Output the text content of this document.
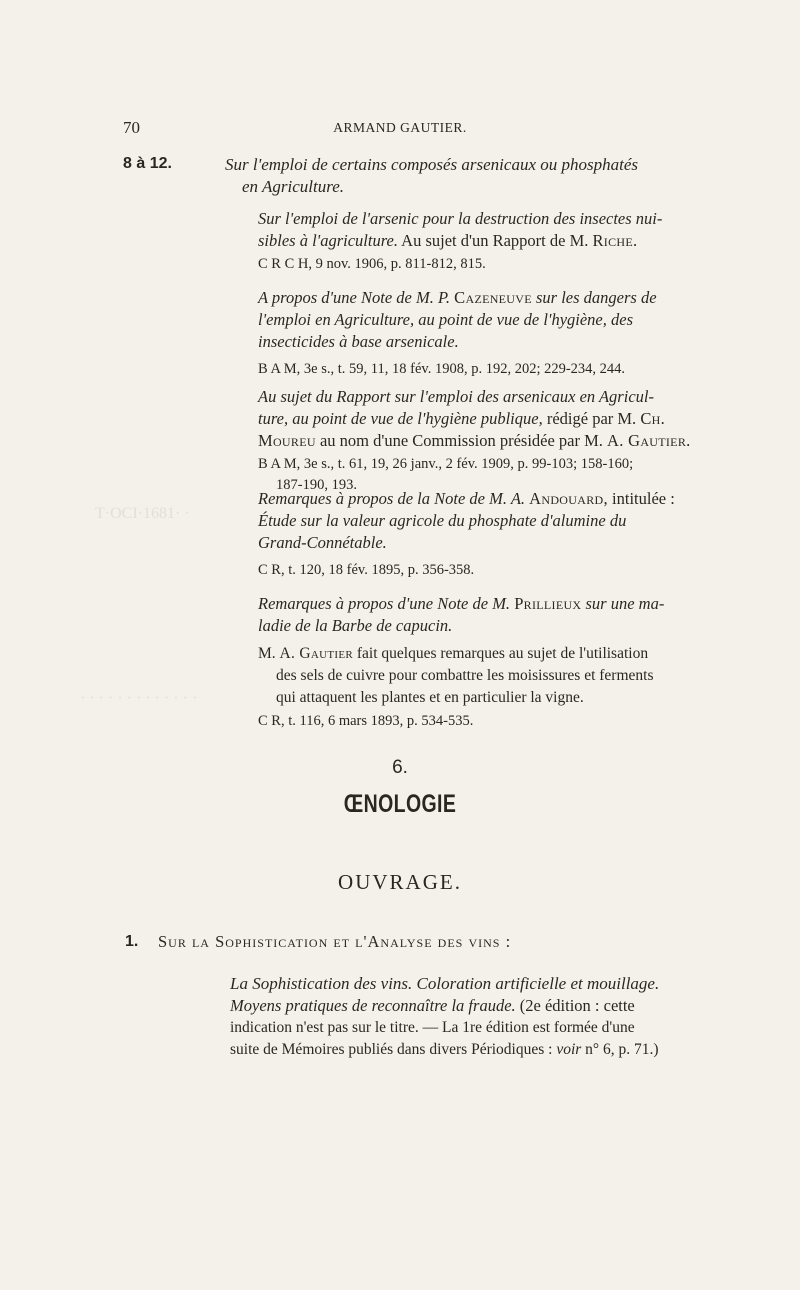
T·OCI·1681· ·
· · · · · · · · · · · · ·
70	ARMAND GAUTIER.
8 à 12.	Sur l'emploi de certains composés arsenicaux ou phosphatés

en Agriculture.

Sur l'emploi de l'arsenic pour la destruction des insectes nui-

sibles à l'agriculture. Au sujet d'un Rapport de M. Riche.

C R C H, 9 nov. 1906, p. 811-812, 815.

A propos d'une Note de M. P. Cazeneuve sur les dangers de

l'emploi en Agriculture, au point de vue de l'hygiène, des

insecticides à base arsenicale.

B A M, 3e s., t. 59, 11, 18 fév. 1908, p. 192, 202; 229-234, 244.

Au sujet du Rapport sur l'emploi des arsenicaux en Agricul-

ture, au point de vue de l'hygiène publique, rédigé par M. Ch.

Moureu au nom d'une Commission présidée par M. A. Gautier.

B A M, 3e s., t. 61, 19, 26 janv., 2 fév. 1909, p. 99-103; 158-160;

187-190, 193.

Remarques à propos de la Note de M. A. Andouard, intitulée :

Étude sur la valeur agricole du phosphate d'alumine du

Grand-Connétable.

C R, t. 120, 18 fév. 1895, p. 356-358.

Remarques à propos d'une Note de M. Prillieux sur une ma-

ladie de la Barbe de capucin.

M. A. Gautier fait quelques remarques au sujet de l'utilisation

des sels de cuivre pour combattre les moisissures et ferments

qui attaquent les plantes et en particulier la vigne.

C R, t. 116, 6 mars 1893, p. 534-535.

6.
ŒNOLOGIE
OUVRAGE.
1. Sur la Sophistication et l'Analyse des vins :

La Sophistication des vins. Coloration artificielle et mouillage.

Moyens pratiques de reconnaître la fraude. (2e édition : cette

indication n'est pas sur le titre. — La 1re édition est formée d'une

suite de Mémoires publiés dans divers Périodiques : voir n° 6, p. 71.)
